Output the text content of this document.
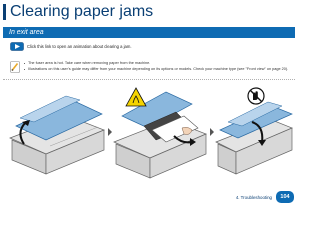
Clearing paper jams
In exit area
Click this link to open an animation about clearing a jam.
The fuser area is hot. Take care when removing paper from the machine.
Illustrations on this user’s guide may differ from your machine depending on its options or models. Check your machine type (see "Front view" on page 20).
4. Troubleshooting	104
